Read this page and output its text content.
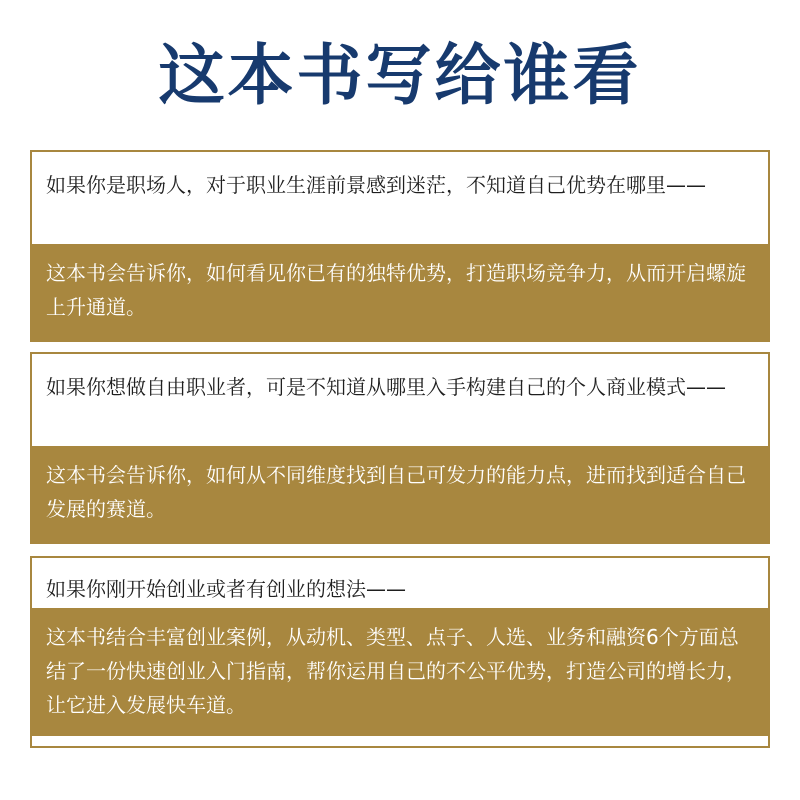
这本书写给谁看
如果你是职场人，对于职业生涯前景感到迷茫，不知道自己优势在哪里——
这本书会告诉你，如何看见你已有的独特优势，打造职场竞争力，从而开启螺旋上升通道。
如果你想做自由职业者，可是不知道从哪里入手构建自己的个人商业模式——
这本书会告诉你，如何从不同维度找到自己可发力的能力点，进而找到适合自己发展的赛道。
如果你刚开始创业或者有创业的想法——
这本书结合丰富创业案例，从动机、类型、点子、人选、业务和融资6个方面总结了一份快速创业入门指南，帮你运用自己的不公平优势，打造公司的增长力，让它进入发展快车道。
